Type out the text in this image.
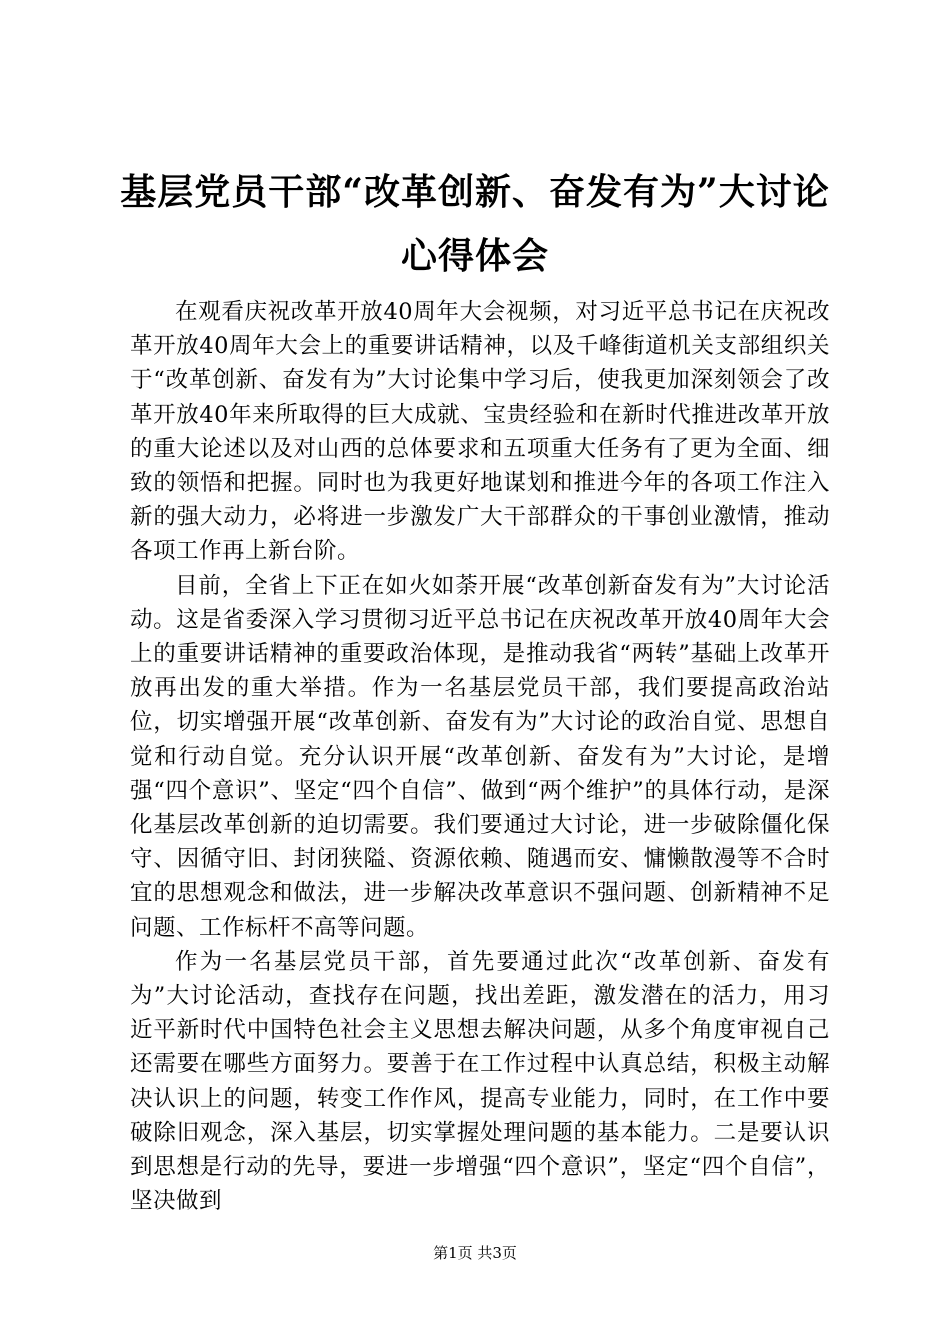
基层党员干部“改革创新、奋发有为”大讨论
心得体会

在观看庆祝改革开放40周年大会视频，对习近平总书记在庆祝改革开放40周年大会上的重要讲话精神，以及千峰街道机关支部组织关于“改革创新、奋发有为”大讨论集中学习后，使我更加深刻领会了改革开放40年来所取得的巨大成就、宝贵经验和在新时代推进改革开放的重大论述以及对山西的总体要求和五项重大任务有了更为全面、细致的领悟和把握。同时也为我更好地谋划和推进今年的各项工作注入新的强大动力，必将进一步激发广大干部群众的干事创业激情，推动各项工作再上新台阶。

目前，全省上下正在如火如荼开展“改革创新奋发有为”大讨论活动。这是省委深入学习贯彻习近平总书记在庆祝改革开放40周年大会上的重要讲话精神的重要政治体现，是推动我省“两转”基础上改革开放再出发的重大举措。作为一名基层党员干部，我们要提高政治站位，切实增强开展“改革创新、奋发有为”大讨论的政治自觉、思想自觉和行动自觉。充分认识开展“改革创新、奋发有为”大讨论，是增强“四个意识”、坚定“四个自信”、做到“两个维护”的具体行动，是深化基层改革创新的迫切需要。我们要通过大讨论，进一步破除僵化保守、因循守旧、封闭狭隘、资源依赖、随遇而安、慵懒散漫等不合时宜的思想观念和做法，进一步解决改革意识不强问题、创新精神不足问题、工作标杆不高等问题。

作为一名基层党员干部，首先要通过此次“改革创新、奋发有为”大讨论活动，查找存在问题，找出差距，激发潜在的活力，用习近平新时代中国特色社会主义思想去解决问题，从多个角度审视自己还需要在哪些方面努力。要善于在工作过程中认真总结，积极主动解决认识上的问题，转变工作作风，提高专业能力，同时，在工作中要破除旧观念，深入基层，切实掌握处理问题的基本能力。二是要认识到思想是行动的先导，要进一步增强“四个意识”，坚定“四个自信”，坚决做到

第1页 共3页
